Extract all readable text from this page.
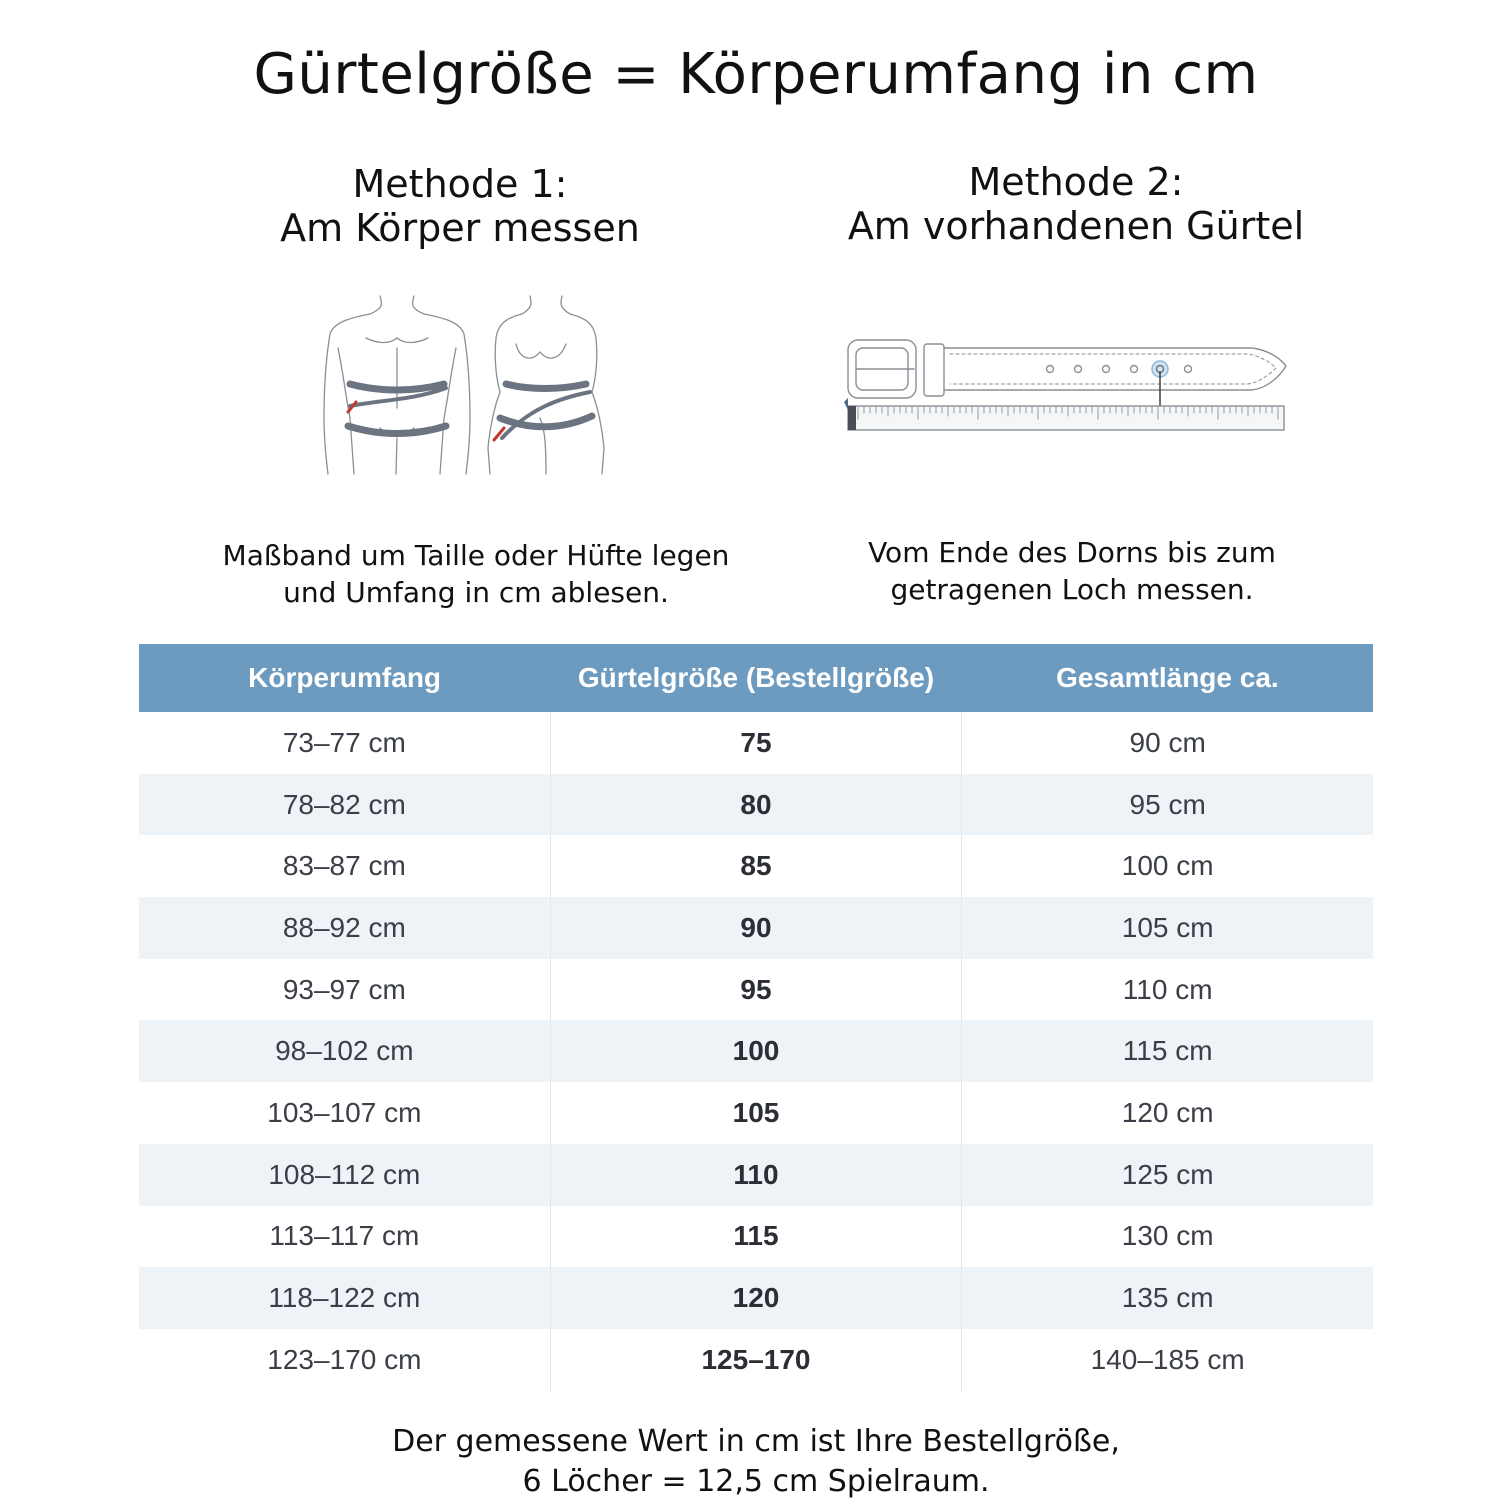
Gürtelgröße = Körperumfang in cm
Methode 1:
Am Körper messen
Methode 2:
Am vorhandenen Gürtel
Maßband um Taille oder Hüfte legen
und Umfang in cm ablesen.
Vom Ende des Dorns bis zum
getragenen Loch messen.
Körperumfang	Gürtelgröße (Bestellgröße)	Gesamtlänge ca.
73–77 cm	75	90 cm
78–82 cm	80	95 cm
83–87 cm	85	100 cm
88–92 cm	90	105 cm
93–97 cm	95	110 cm
98–102 cm	100	115 cm
103–107 cm	105	120 cm
108–112 cm	110	125 cm
113–117 cm	115	130 cm
118–122 cm	120	135 cm
123–170 cm	125–170	140–185 cm
Der gemessene Wert in cm ist Ihre Bestellgröße,
6 Löcher = 12,5 cm Spielraum.
